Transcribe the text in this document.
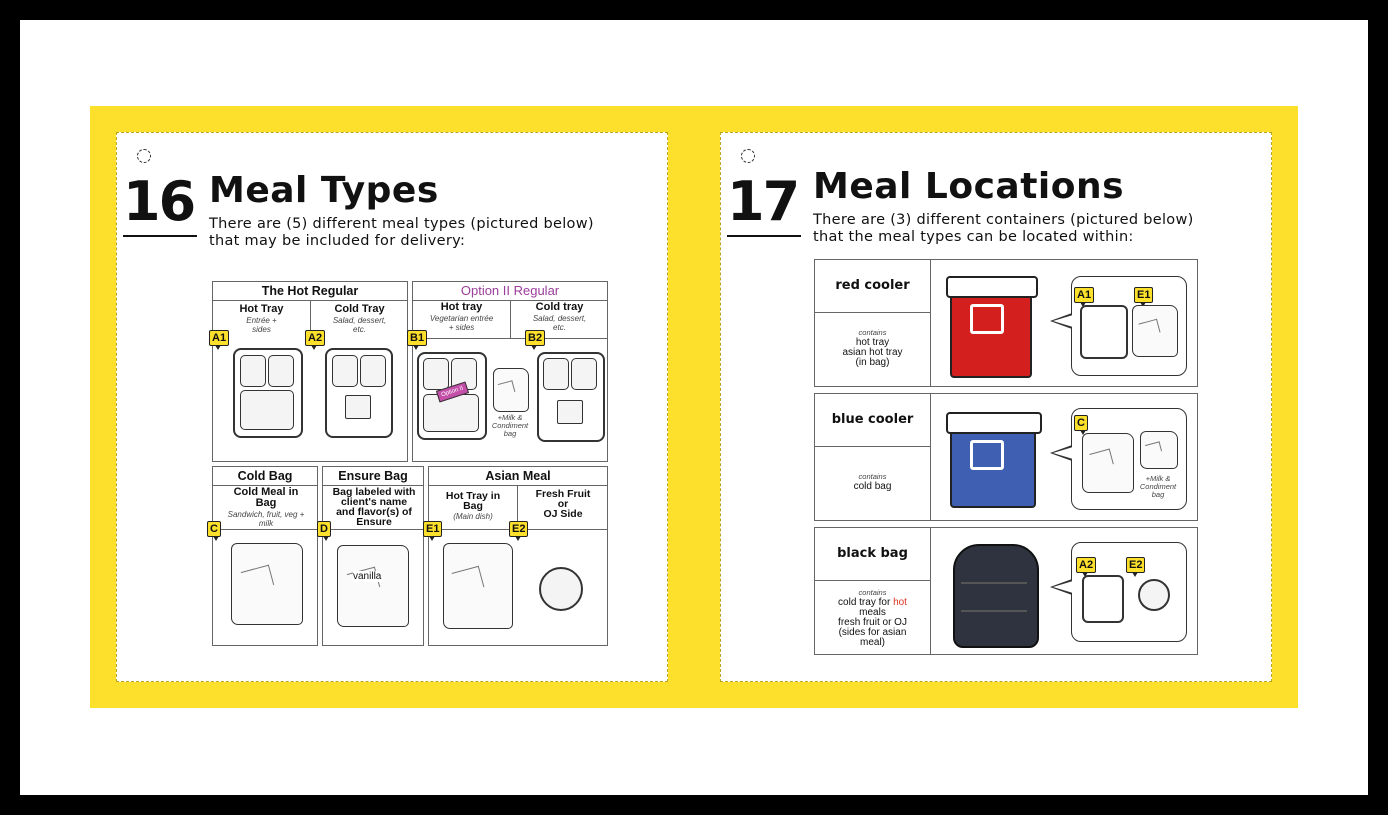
16 Meal Types
There are (5) different meal types (pictured below)
that may be included for delivery:
The Hot Regular
Hot Tray
Entrée +
sides
Cold Tray
Salad, dessert,
etc.
A1	A2
Option II Regular
Hot tray
Vegetarian entrée
+ sides
Cold tray
Salad, dessert,
etc.
B1	B2
Option II
+Milk &
Condiment
bag
Cold Bag
Cold Meal in
Bag
Sandwich, fruit, veg +
milk
C
Ensure Bag
Bag labeled with
client's name
and flavor(s) of
Ensure
D
vanilla
Asian Meal
Hot Tray in
Bag
(Main dish)
Fresh Fruit
or
OJ Side
E1	E2
17 Meal Locations
There are (3) different containers (pictured below)
that the meal types can be located within:
red cooler
contains
hot tray
asian hot tray
(in bag)
A1	E1
blue cooler
contains
cold bag
C
+Milk &
Condiment
bag
black bag
contains
cold tray for hot
meals
fresh fruit or OJ
(sides for asian
meal)
A2	E2
